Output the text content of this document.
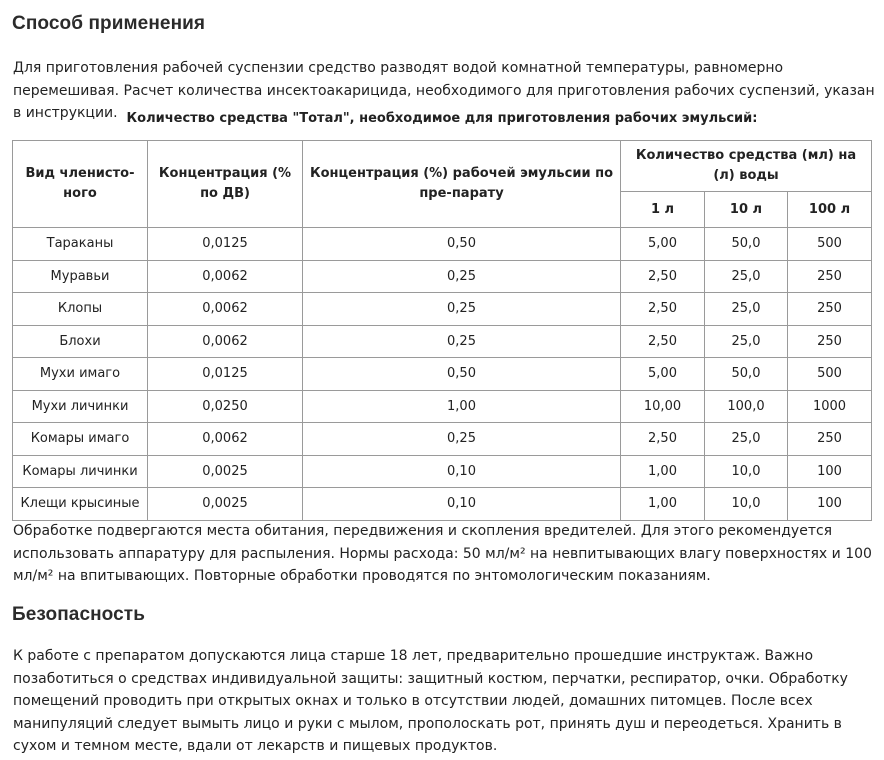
Способ применения

Для приготовления рабочей суспензии средство разводят водой комнатной температуры, равномерно перемешивая. Расчет количества инсектоакарицида, необходимого для приготовления рабочих суспензий, указан в инструкции. Количество средства "Тотал", необходимое для приготовления рабочих эмульсий:
Вид членисто-ного	Концентрация (% по ДВ)	Концентрация (%) рабочей эмульсии по пре-парату	Количество средства (мл) на (л) воды		
			1 л	10 л	100 л
Тараканы	0,0125	0,50	5,00	50,0	500
Муравьи	0,0062	0,25	2,50	25,0	250
Клопы	0,0062	0,25	2,50	25,0	250
Блохи	0,0062	0,25	2,50	25,0	250
Мухи имаго	0,0125	0,50	5,00	50,0	500
Мухи личинки	0,0250	1,00	10,00	100,0	1000
Комары имаго	0,0062	0,25	2,50	25,0	250
Комары личинки	0,0025	0,10	1,00	10,0	100
Клещи крысиные	0,0025	0,10	1,00	10,0	100

Обработке подвергаются места обитания, передвижения и скопления вредителей. Для этого рекомендуется использовать аппаратуру для распыления. Нормы расхода: 50 мл/м² на невпитывающих влагу поверхностях и 100 мл/м² на впитывающих. Повторные обработки проводятся по энтомологическим показаниям.

Безопасность

К работе с препаратом допускаются лица старше 18 лет, предварительно прошедшие инструктаж. Важно позаботиться о средствах индивидуальной защиты: защитный костюм, перчатки, респиратор, очки. Обработку помещений проводить при открытых окнах и только в отсутствии людей, домашних питомцев. После всех манипуляций следует вымыть лицо и руки с мылом, прополоскать рот, принять душ и переодеться. Хранить в сухом и темном месте, вдали от лекарств и пищевых продуктов.
